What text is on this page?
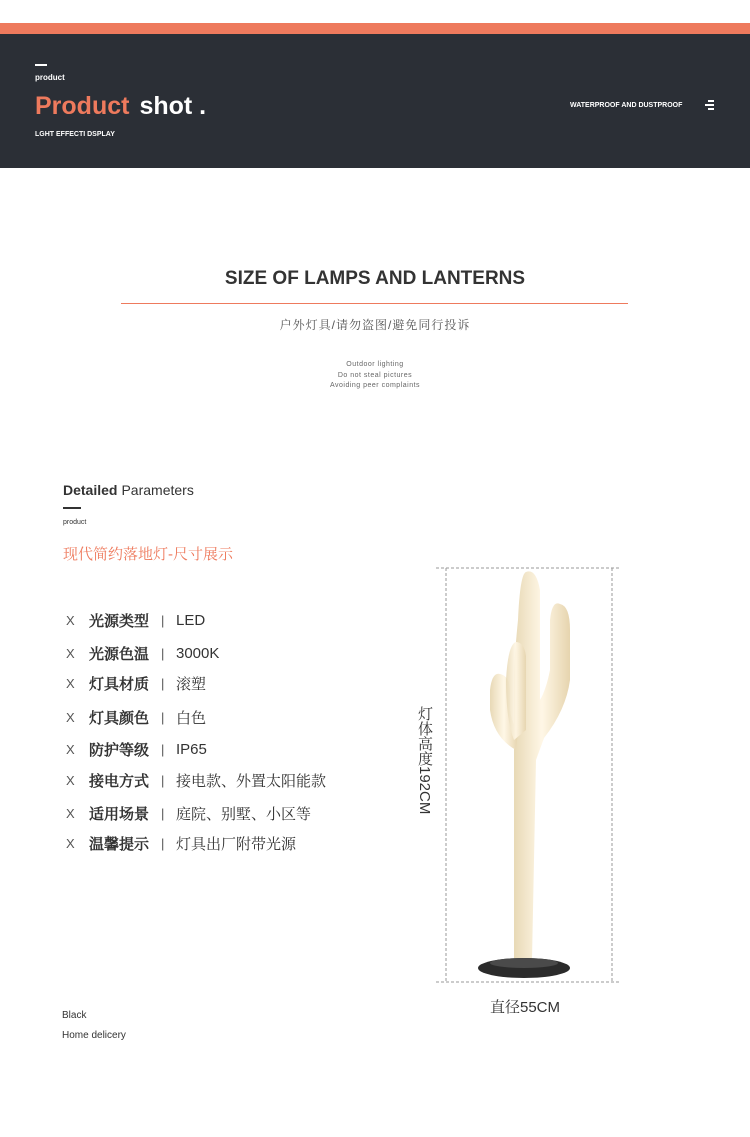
product
Product shot .
LGHT EFFECTI DSPLAY
WATERPROOF AND DUSTPROOF
SIZE OF LAMPS AND LANTERNS
户外灯具/请勿盗图/避免同行投诉
Outdoor lighting
Do not steal pictures
Avoiding peer complaints
Detailed Parameters
product
现代简约落地灯-尺寸展示
X 光源类型 | LED
X 光源色温 | 3000K
X 灯具材质 | 滚塑
X 灯具颜色 | 白色
X 防护等级 | IP65
X 接电方式 | 接电款、外置太阳能款
X 适用场景 | 庭院、别墅、小区等
X 温馨提示 | 灯具出厂附带光源
灯体高度192CM
直径55CM
Black
Home delicery
